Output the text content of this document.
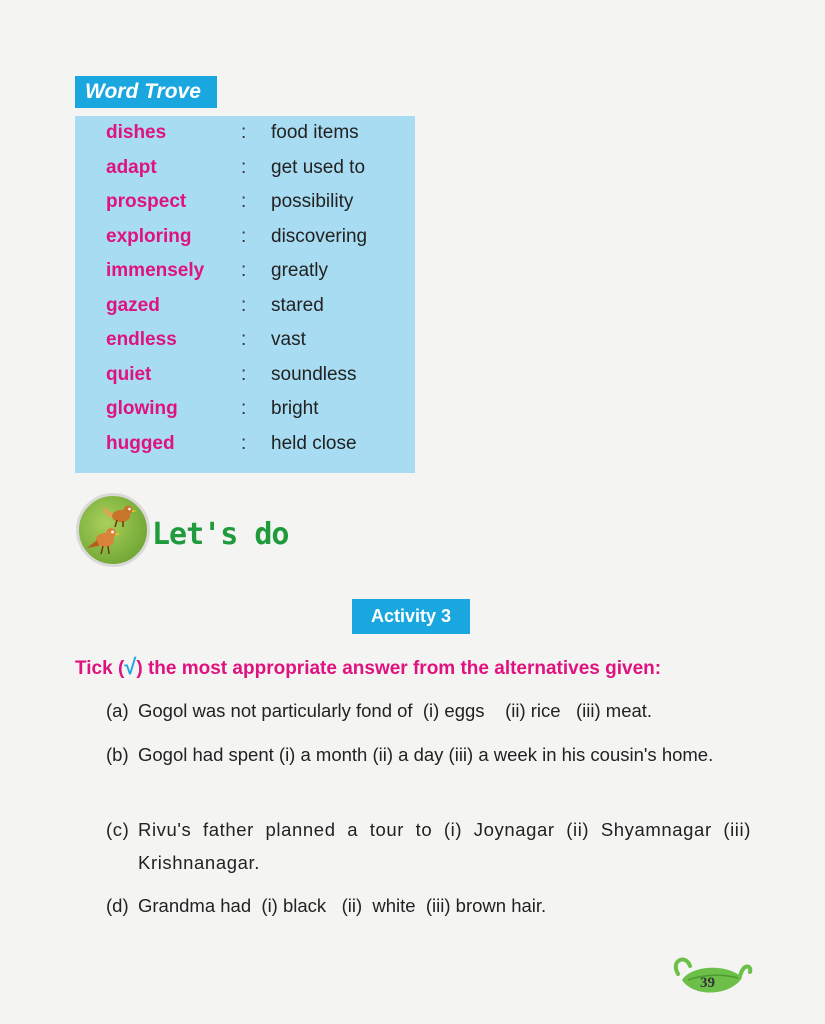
Word Trove
dishes	: food items
adapt	: get used to
prospect	: possibility
exploring	: discovering
immensely : greatly
gazed	: stared
endless	: vast
quiet	: soundless
glowing	: bright
hugged	: held close
Let's do
Activity 3
Tick (√) the most appropriate answer from the alternatives given:
(a) Gogol was not particularly fond of  (i) eggs    (ii) rice   (iii) meat.
(b) Gogol had spent (i) a month (ii) a day (iii) a week in his cousin's home.
(c) Rivu's father planned a tour to (i) Joynagar (ii) Shyamnagar (iii) Krishnanagar.
(d) Grandma had  (i) black   (ii)  white  (iii) brown hair.
39
